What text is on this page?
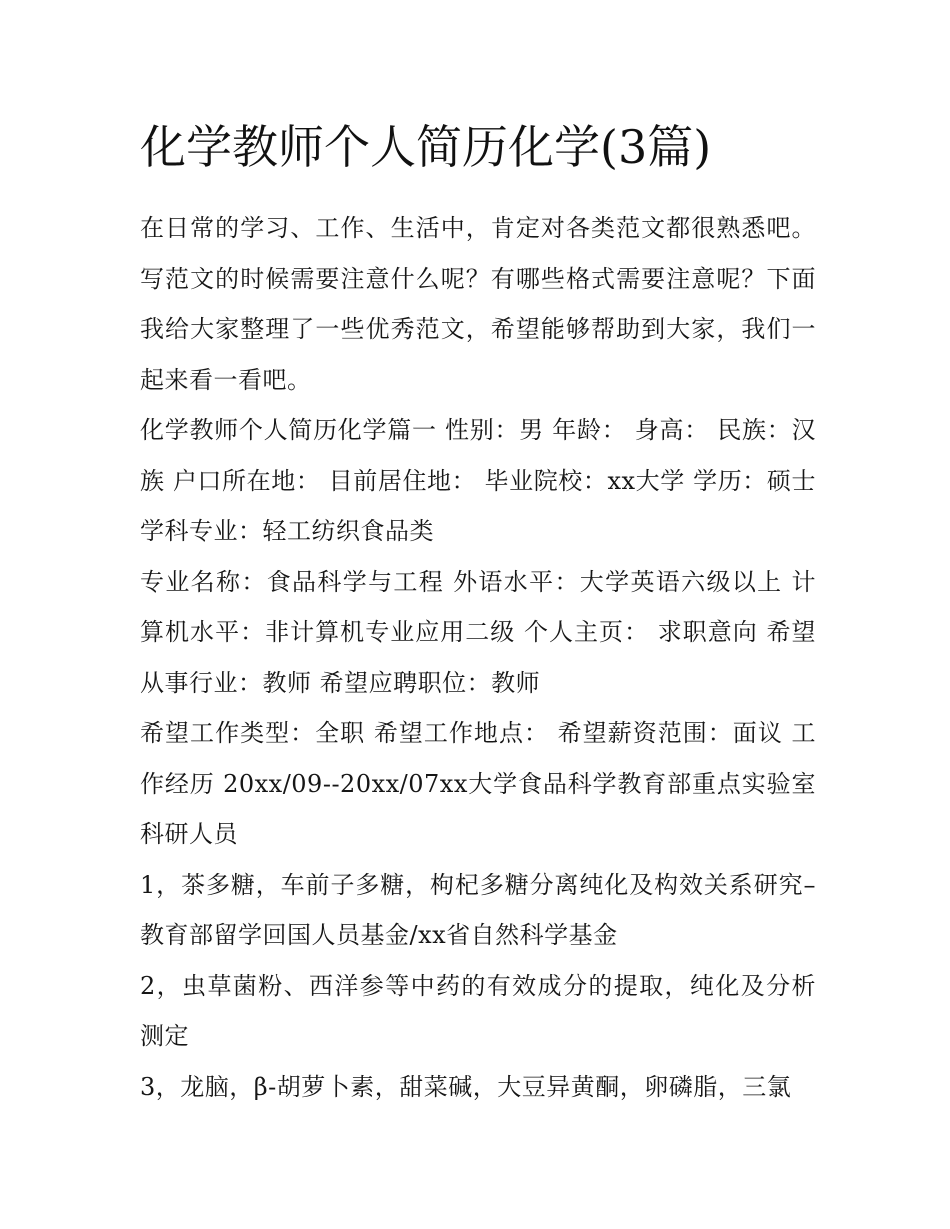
化学教师个人简历化学(3篇)

在日常的学习、工作、生活中，肯定对各类范文都很熟悉吧。写范文的时候需要注意什么呢？有哪些格式需要注意呢？下面我给大家整理了一些优秀范文，希望能够帮助到大家，我们一起来看一看吧。

化学教师个人简历化学篇一 性别：男 年龄： 身高： 民族：汉族 户口所在地： 目前居住地： 毕业院校：xx大学 学历：硕士 学科专业：轻工纺织食品类

专业名称：食品科学与工程 外语水平：大学英语六级以上 计算机水平：非计算机专业应用二级 个人主页： 求职意向 希望从事行业：教师 希望应聘职位：教师

希望工作类型：全职 希望工作地点： 希望薪资范围：面议 工作经历 20xx/09--20xx/07xx大学食品科学教育部重点实验室科研人员

1，茶多糖，车前子多糖，枸杞多糖分离纯化及构效关系研究–教育部留学回国人员基金/xx省自然科学基金

2，虫草菌粉、西洋参等中药的有效成分的提取，纯化及分析测定

3，龙脑，β-胡萝卜素，甜菜碱，大豆异黄酮，卵磷脂，三氯
